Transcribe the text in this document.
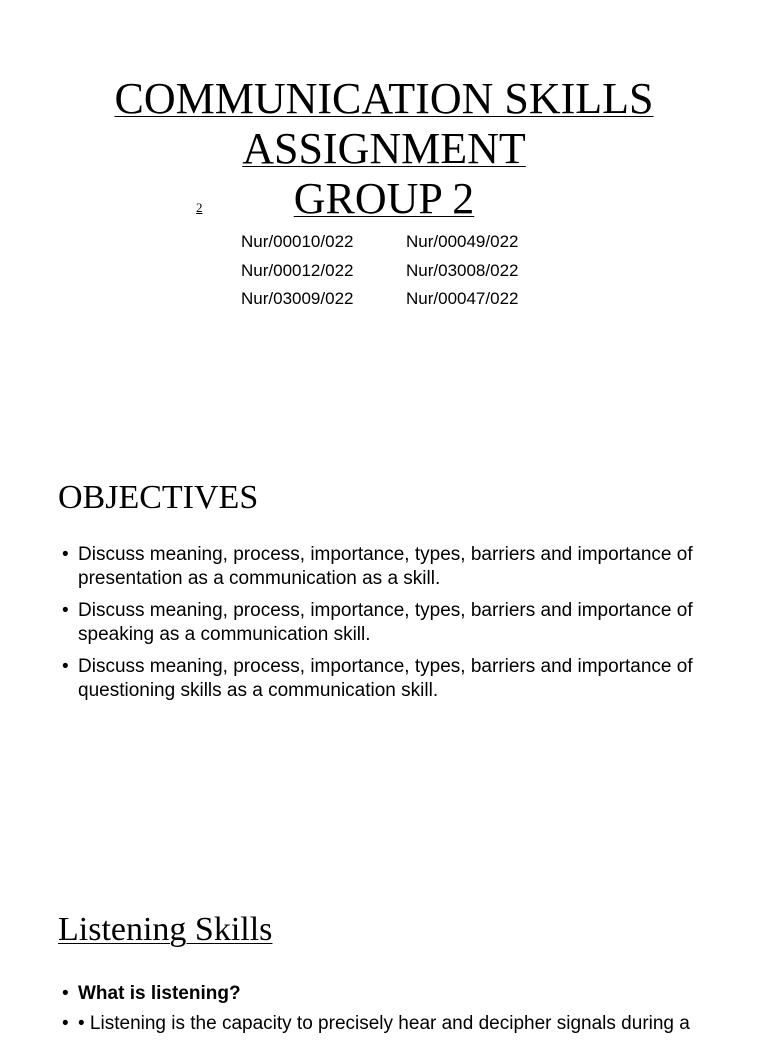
COMMUNICATION SKILLS
ASSIGNMENT
GROUP 2
2
Nur/00010/022
Nur/00012/022
Nur/03009/022
Nur/00049/022
Nur/03008/022
Nur/00047/022
OBJECTIVES
• Discuss meaning, process, importance, types, barriers and importance of presentation as a communication as a skill.
• Discuss meaning, process, importance, types, barriers and importance of speaking as a communication skill.
• Discuss meaning, process, importance, types, barriers and importance of questioning skills as a communication skill.
Listening Skills
• What is listening?
• • Listening is the capacity to precisely hear and decipher signals during a
